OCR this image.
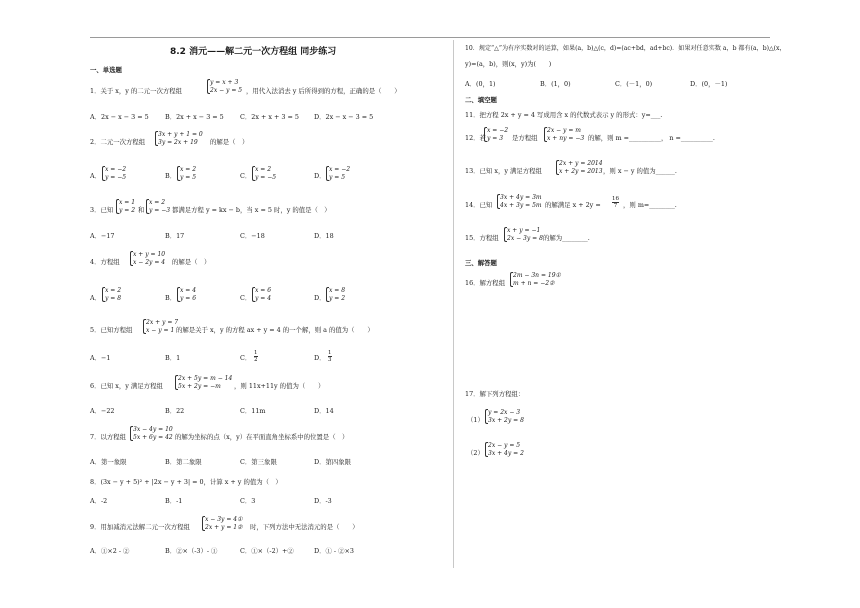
8.2 消元——解二元一次方程组 同步练习
一、单选题
1．关于 x，y 的二元一次方程组
y = x + 3
2x − y = 5 ，用代入法消去 y 后所得到的方程，正确的是（　　）
A．2x − x − 3 = 5	B．2x + x − 3 = 5	C．2x + x + 3 = 5 D．2x − x − 3 = 5
2．二元一次方程组
3x + y + 1 = 0
3y = 2x + 19	的解是（　）
A．
x = −2
y = −5	B．
x = 2
y = 5	C．
x = 2
y = −5	D．
x = −2
y = 5
3．已知
x = 1
y = 2 和
x = 2
y = −3 都满足方程 y = kx − b，当 x = 5 时，y 的值是（　）
A．−17	B．17	C．−18	D．18
4．方程组
x + y = 10
x − 2y = 4 的解是（　）
A．
x = 2
y = 8	B．
x = 4
y = 6	C．
x = 6
y = 4	D．
x = 8
y = 2
5．已知方程组
2x + y = 7
x − y = 1 的解是关于 x，y 的方程 ax + y = 4 的一个解，则 a 的值为（　　）
A．−1	B．1	C． $\frac{1}{2}$	D． $\frac{1}{3}$
6．已知 x，y 满足方程组
2x + 5y = m − 14
5x + 2y = −m	，则 11x+11y 的值为（　　）
A．−22	B．22	C．11m	D．14
7．以方程组
3x − 4y = 10
5x + 6y = 42 的解为坐标的点（x，y）在平面直角坐标系中的位置是（　）
A．第一象限	B．第二象限	C．第三象限	D．第四象限
8．(3x − y + 5)² + |2x − y + 3| = 0，计算 x + y 的值为（　）
A．-2	B．-1	C．3	D．-3
9．用加减消元法解二元一次方程组
x − 3y = 4①
2x + y = 1② 时，下列方法中无法消元的是（　　）
A．①×2 - ②	B．②×（-3）- ①	C．①×（-2）+②	D．① - ②×3
10．规定“△”为有序实数对的运算，如果(a，b)△(c，d)=(ac+bd，ad+bc)．如果对任意实数 a，b 都有(a，b)△(x，
y)=(a，b)，则(x，y)为(　　)
A．(0，1)	B．(1，0)	C．(－1，0)	D．(0，－1)
二、填空题
11．把方程 2x + y = 4 写成用含 x 的代数式表示 y 的形式：y=___.
12．若
x = −2
y = 3	是方程组
2x − y = m
x + ny = −3 的解，则 m =__________， n =__________.
13．已知 x，y 满足方程组
2x + y = 2014
x + 2y = 2013 ，则 x − y 的值为______.
14．已知
3x + 4y = 3m
4x + 3y = 5m 的解满足 $x + 2y = \frac{16}{7}$ ，则 m=________.
15．方程组
x + y = −1
2x − 3y = 8 的解为________.
三、解答题
16．解方程组
2m − 3n = 19①
m + n = −2②
17．解下列方程组：
（1）
y = 2x − 3
3x + 2y = 8
（2）
2x − y = 5
3x + 4y = 2
